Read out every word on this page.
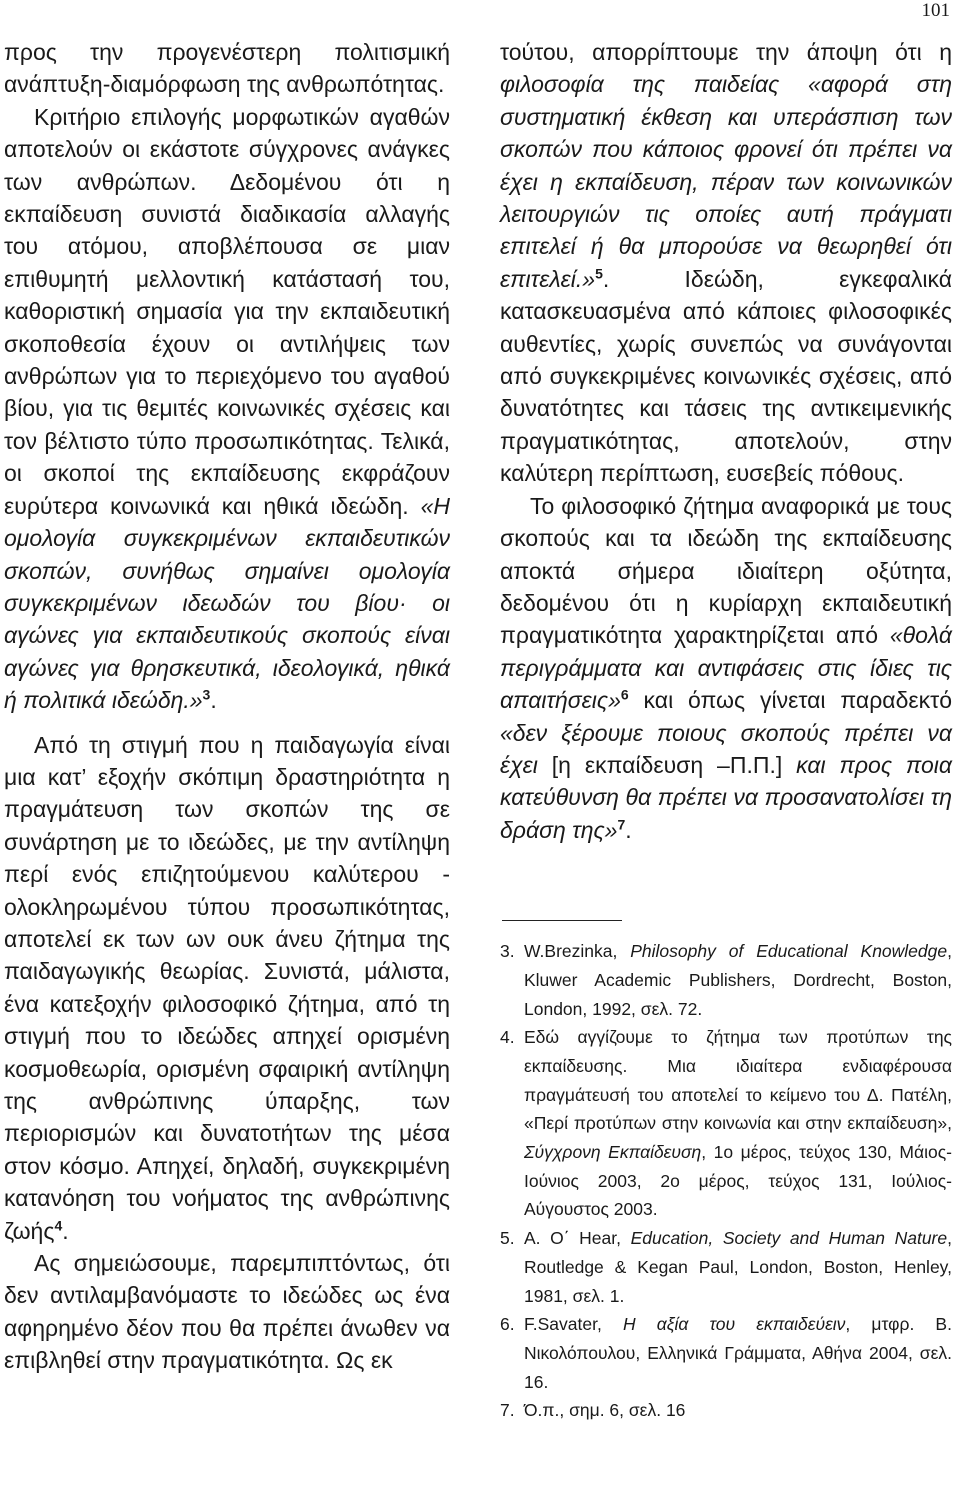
101

προς την προγενέστερη πολιτισμική ανάπτυξη-διαμόρφωση της ανθρωπότητας.

Κριτήριο επιλογής μορφωτικών αγαθών αποτελούν οι εκάστοτε σύγχρονες ανάγκες των ανθρώπων. Δεδομένου ότι η εκπαίδευση συνιστά διαδικασία αλλαγής του ατόμου, αποβλέπουσα σε μιαν επιθυμητή μελλοντική κατάστασή του, καθοριστική σημασία για την εκπαιδευτική σκοποθεσία έχουν οι αντιλήψεις των ανθρώπων για το περιεχόμενο του αγαθού βίου, για τις θεμιτές κοινωνικές σχέσεις και τον βέλτιστο τύπο προσωπικότητας. Τελικά, οι σκοποί της εκπαίδευσης εκφράζουν ευρύτερα κοινωνικά και ηθικά ιδεώδη. «Η ομολογία συγκεκριμένων εκπαιδευτικών σκοπών, συνήθως σημαίνει ομολογία συγκεκριμένων ιδεωδών του βίου· οι αγώνες για εκπαιδευτικούς σκοπούς είναι αγώνες για θρησκευτικά, ιδεολογικά, ηθικά ή πολιτικά ιδεώδη.»$^3$.

Από τη στιγμή που η παιδαγωγία είναι μια κατ’ εξοχήν σκόπιμη δραστηριότητα η πραγμάτευση των σκοπών της σε συνάρτηση με το ιδεώδες, με την αντίληψη περί ενός επιζητούμενου καλύτερου - ολοκληρωμένου τύπου προσωπικότητας, αποτελεί εκ των ων ουκ άνευ ζήτημα της παιδαγωγικής θεωρίας. Συνιστά, μάλιστα, ένα κατεξοχήν φιλοσοφικό ζήτημα, από τη στιγμή που το ιδεώδες απηχεί ορισμένη κοσμοθεωρία, ορισμένη σφαιρική αντίληψη της ανθρώπινης ύπαρξης, των περιορισμών και δυνατοτήτων της μέσα στον κόσμο. Απηχεί, δηλαδή, συγκεκριμένη κατανόηση του νοήματος της ανθρώπινης ζωής$^4$.

Ας σημειώσουμε, παρεμπιπτόντως, ότι δεν αντιλαμβανόμαστε το ιδεώδες ως ένα αφηρημένο δέον που θα πρέπει άνωθεν να επιβληθεί στην πραγματικότητα. Ως εκ

τούτου, απορρίπτουμε την άποψη ότι η φιλοσοφία της παιδείας «αφορά στη συστηματική έκθεση και υπεράσπιση των σκοπών που κάποιος φρονεί ότι πρέπει να έχει η εκπαίδευση, πέραν των κοινωνικών λειτουργιών τις οποίες αυτή πράγματι επιτελεί ή θα μπορούσε να θεωρηθεί ότι επιτελεί.»$^5$.	Ιδεώδη, εγκεφαλικά κατασκευασμένα από κάποιες φιλοσοφικές αυθεντίες, χωρίς συνεπώς να συνάγονται από συγκεκριμένες κοινωνικές σχέσεις, από δυνατότητες και τάσεις της αντικειμενικής πραγματικότητας, αποτελούν, στην καλύτερη περίπτωση, ευσεβείς πόθους.

Το φιλοσοφικό ζήτημα αναφορικά με τους σκοπούς και τα ιδεώδη της εκπαίδευσης αποκτά σήμερα ιδιαίτερη οξύτητα, δεδομένου ότι η κυρίαρχη εκπαιδευτική πραγματικότητα χαρακτηρίζεται από «θολά περιγράμματα και αντιφάσεις στις ίδιες τις απαιτήσεις»$^6$ και όπως γίνεται παραδεκτό «δεν ξέρουμε ποιους σκοπούς πρέπει να έχει [η εκπαίδευση –Π.Π.] και προς ποια κατεύθυνση θα πρέπει να προσανατολίσει τη δράση της»$^7$.

3. W.Brezinka, Philosophy of Educational Knowledge, Kluwer Academic Publishers, Dordrecht, Boston, London, 1992, σελ. 72.
4. Εδώ αγγίζουμε το ζήτημα των προτύπων της εκπαίδευσης. Μια ιδιαίτερα ενδιαφέρουσα πραγμάτευσή του αποτελεί το κείμενο του Δ. Πατέλη, «Περί προτύπων στην κοινωνία και στην εκπαίδευση», Σύγχρονη Εκπαίδευση, 1ο μέρος, τεύχος 130, Μάιος-Ιούνιος 2003, 2ο μέρος, τεύχος 131, Ιούλιος-Αύγουστος 2003.
5. A. O΄ Hear, Education, Society and Human Nature, Routledge & Kegan Paul, London, Boston, Henley, 1981, σελ. 1.
6. F.Savater, Η αξία του εκπαιδεύειν, μτφρ. Β. Νικολόπουλου, Ελληνικά Γράμματα, Αθήνα 2004, σελ. 16.
7. Ό.π., σημ. 6, σελ. 16
